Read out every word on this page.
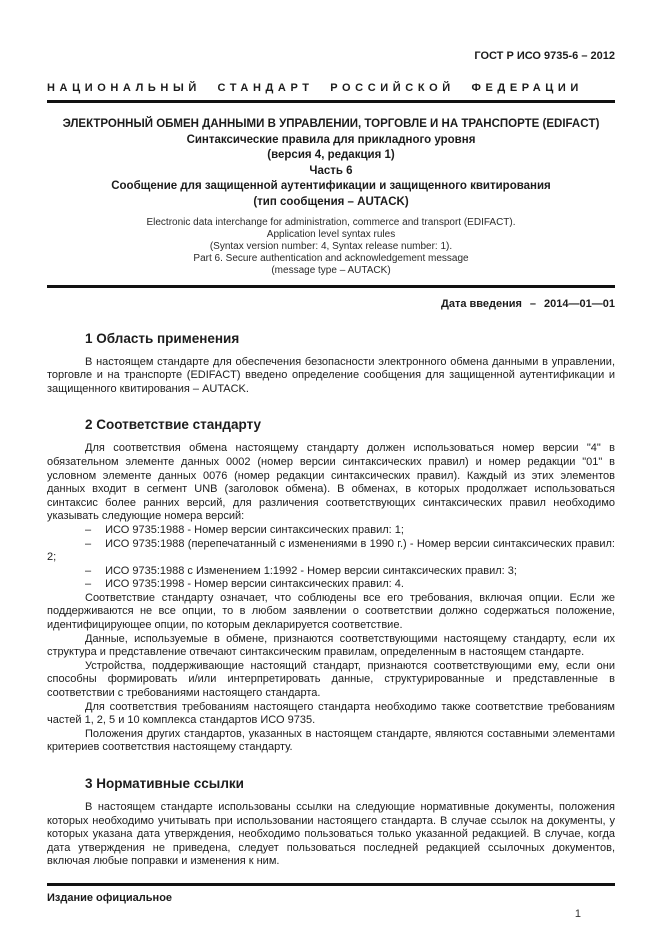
ГОСТ Р ИСО 9735-6 – 2012
НАЦИОНАЛЬНЫЙ СТАНДАРТ РОССИЙСКОЙ ФЕДЕРАЦИИ
ЭЛЕКТРОННЫЙ ОБМЕН ДАННЫМИ В УПРАВЛЕНИИ, ТОРГОВЛЕ И НА ТРАНСПОРТЕ (EDIFACT)
Синтаксические правила для прикладного уровня
(версия 4, редакция 1)
Часть 6
Сообщение для защищенной аутентификации и защищенного квитирования
(тип сообщения – AUTACK)
Electronic data interchange for administration, commerce and transport (EDIFACT).
Application level syntax rules
(Syntax version number: 4, Syntax release number: 1).
Part 6. Secure authentication and acknowledgement message
(message type – AUTACK)
Дата введения – 2014—01—01
1 Область применения

В настоящем стандарте для обеспечения безопасности электронного обмена данными в управлении, торговле и на транспорте (EDIFACT) введено определение сообщения для защищенной аутентификации и защищенного квитирования – AUTACK.

2 Соответствие стандарту

Для соответствия обмена настоящему стандарту должен использоваться номер версии "4" в обязательном элементе данных 0002 (номер версии синтаксических правил) и номер редакции "01" в условном элементе данных 0076 (номер редакции синтаксических правил). Каждый из этих элементов данных входит в сегмент UNB (заголовок обмена). В обменах, в которых продолжает использоваться синтаксис более ранних версий, для различения соответствующих синтаксических правил необходимо указывать следующие номера версий:

– ИСО 9735:1988 - Номер версии синтаксических правил: 1;

– ИСО 9735:1988 (перепечатанный с изменениями в 1990 г.) - Номер версии синтаксических правил: 2;

– ИСО 9735:1988 с Изменением 1:1992 - Номер версии синтаксических правил: 3;

– ИСО 9735:1998 - Номер версии синтаксических правил: 4.

Соответствие стандарту означает, что соблюдены все его требования, включая опции. Если же поддерживаются не все опции, то в любом заявлении о соответствии должно содержаться положение, идентифицирующее опции, по которым декларируется соответствие.

Данные, используемые в обмене, признаются соответствующими настоящему стандарту, если их структура и представление отвечают синтаксическим правилам, определенным в настоящем стандарте.

Устройства, поддерживающие настоящий стандарт, признаются соответствующими ему, если они способны формировать и/или интерпретировать данные, структурированные и представленные в соответствии с требованиями настоящего стандарта.

Для соответствия требованиям настоящего стандарта необходимо также соответствие требованиям частей 1, 2, 5 и 10 комплекса стандартов ИСО 9735.

Положения других стандартов, указанных в настоящем стандарте, являются составными элементами критериев соответствия настоящему стандарту.

3 Нормативные ссылки

В настоящем стандарте использованы ссылки на следующие нормативные документы, положения которых необходимо учитывать при использовании настоящего стандарта. В случае ссылок на документы, у которых указана дата утверждения, необходимо пользоваться только указанной редакцией. В случае, когда дата утверждения не приведена, следует пользоваться последней редакцией ссылочных документов, включая любые поправки и изменения к ним.

Издание официальное
1
